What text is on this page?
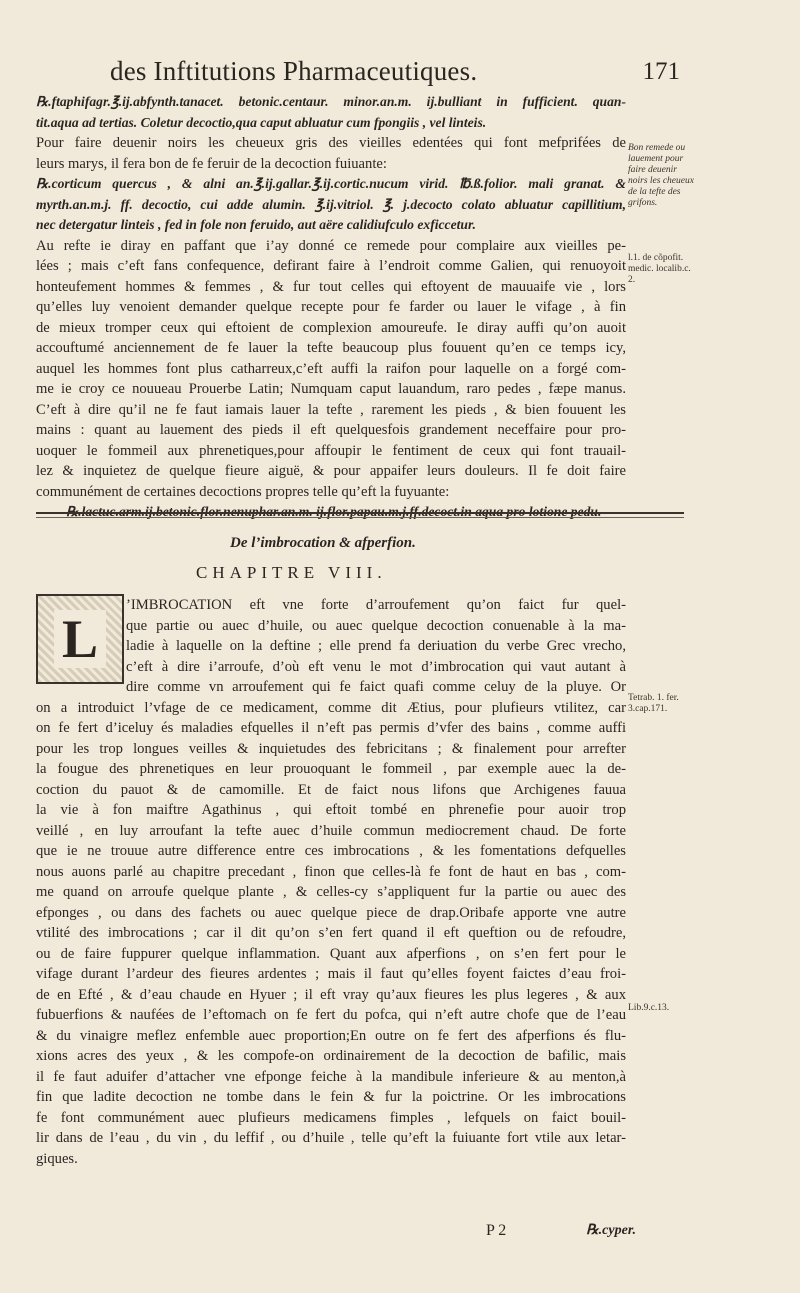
des Inftitutions Pharmaceutiques.	171
℞.ftaphifagr.℥.ij.abfynth.tanacet. betonic.centaur. minor.an.m. ij.bulliant in fufficient. quan-
tit.aqua ad tertias. Coletur decoctio,qua caput abluatur cum fpongiis , vel linteis.
Pour faire deuenir noirs les cheueux gris des vieilles edentées qui font mefprifées de
leurs marys, il fera bon de fe feruir de la decoction fuiuante:
℞.corticum quercus , & alni an.℥.ij.gallar.℥.ij.cortic.nucum virid. ℔.ß.folior. mali granat. &
myrth.an.m.j. ff. decoctio, cui adde alumin. ℥.ij.vitriol. ℥. j.decocto colato abluatur capillitium,
nec detergatur linteis , fed in fole non feruido, aut aëre calidiufculo exficcetur.
Au refte ie diray en paffant que i’ay donné ce remede pour complaire aux vieilles pe-
lées ; mais c’eft fans confequence, defirant faire à l’endroit comme Galien, qui renuoyoit
honteufement hommes & femmes , & fur tout celles qui eftoyent de mauuaife vie , lors
qu’elles luy venoient demander quelque recepte pour fe farder ou lauer le vifage , à fin
de mieux tromper ceux qui eftoient de complexion amoureufe. Ie diray auffi qu’on auoit
accouftumé anciennement de fe lauer la tefte beaucoup plus fouuent qu’en ce temps icy,
auquel les hommes font plus catharreux,c’eft auffi la raifon pour laquelle on a forgé com-
me ie croy ce nouueau Prouerbe Latin; Numquam caput lauandum, raro pedes , fæpe manus.
C’eft à dire qu’il ne fe faut iamais lauer la tefte , rarement les pieds , & bien fouuent les
mains : quant au lauement des pieds il eft quelquesfois grandement neceffaire pour pro-
uoquer le fommeil aux phrenetiques,pour affoupir le fentiment de ceux qui font trauail-
lez & inquietez de quelque fieure aiguë, & pour appaifer leurs douleurs. Il fe doit faire
communément de certaines decoctions propres telle qu’eft la fuyuante:
℞.lactuc.arm.ij.betonic.flor.nenuphar.an.m. ij.flor.papau.m.j.ff.decoct.in aqua pro lotione pedu.
Bon remede ou lauement pour faire deuenir noirs les cheueux de la tefte des grifons.
l.1. de cõpofit. medic. localib.c. 2.
De l’imbrocation & afperfion.
CHAPITRE VIII.
L
’IMBROCATION eft vne forte d’arroufement qu’on faict fur quel-
que partie ou auec d’huile, ou auec quelque decoction conuenable à la ma-
ladie à laquelle on la deftine ; elle prend fa deriuation du verbe Grec vrecho,
c’eft à dire i’arroufe, d’où eft venu le mot d’imbrocation qui vaut autant à
dire comme vn arroufement qui fe faict quafi comme celuy de la pluye. Or
on a introduict l’vfage de ce medicament, comme dit Ætius, pour plufieurs vtilitez, car
on fe fert d’iceluy és maladies efquelles il n’eft pas permis d’vfer des bains , comme auffi
pour les trop longues veilles & inquietudes des febricitans ; & finalement pour arrefter
la fougue des phrenetiques en leur prouoquant le fommeil , par exemple auec la de-
coction du pauot & de camomille. Et de faict nous lifons que Archigenes fauua
la vie à fon maiftre Agathinus , qui eftoit tombé en phrenefie pour auoir trop
veillé , en luy arroufant la tefte auec d’huile commun mediocrement chaud. De forte
que ie ne trouue autre difference entre ces imbrocations , & les fomentations defquelles
nous auons parlé au chapitre precedant , finon que celles-là fe font de haut en bas , com-
me quand on arroufe quelque plante , & celles-cy s’appliquent fur la partie ou auec des
efponges , ou dans des fachets ou auec quelque piece de drap.Oribafe apporte vne autre
vtilité des imbrocations ; car il dit qu’on s’en fert quand il eft queftion ou de refoudre,
ou de faire fuppurer quelque inflammation. Quant aux afperfions , on s’en fert pour le
vifage durant l’ardeur des fieures ardentes ; mais il faut qu’elles foyent faictes d’eau froi-
de en Efté , & d’eau chaude en Hyuer ; il eft vray qu’aux fieures les plus legeres , & aux
fubuerfions & naufées de l’eftomach on fe fert du pofca, qui n’eft autre chofe que de l’eau
& du vinaigre meflez enfemble auec proportion;En outre on fe fert des afperfions és flu-
xions acres des yeux , & les compofe-on ordinairement de la decoction de bafilic, mais
il fe faut aduifer d’attacher vne efponge feiche à la mandibule inferieure & au menton,à
fin que ladite decoction ne tombe dans le fein & fur la poictrine. Or les imbrocations
fe font communément auec plufieurs medicamens fimples , lefquels on faict bouil-
lir dans de l’eau , du vin , du leffif , ou d’huile , telle qu’eft la fuiuante fort vtile aux letar-
giques.
Tetrab. 1. fer. 3.cap.171.
Lib.9.c.13.
P 2	℞.cyper.
